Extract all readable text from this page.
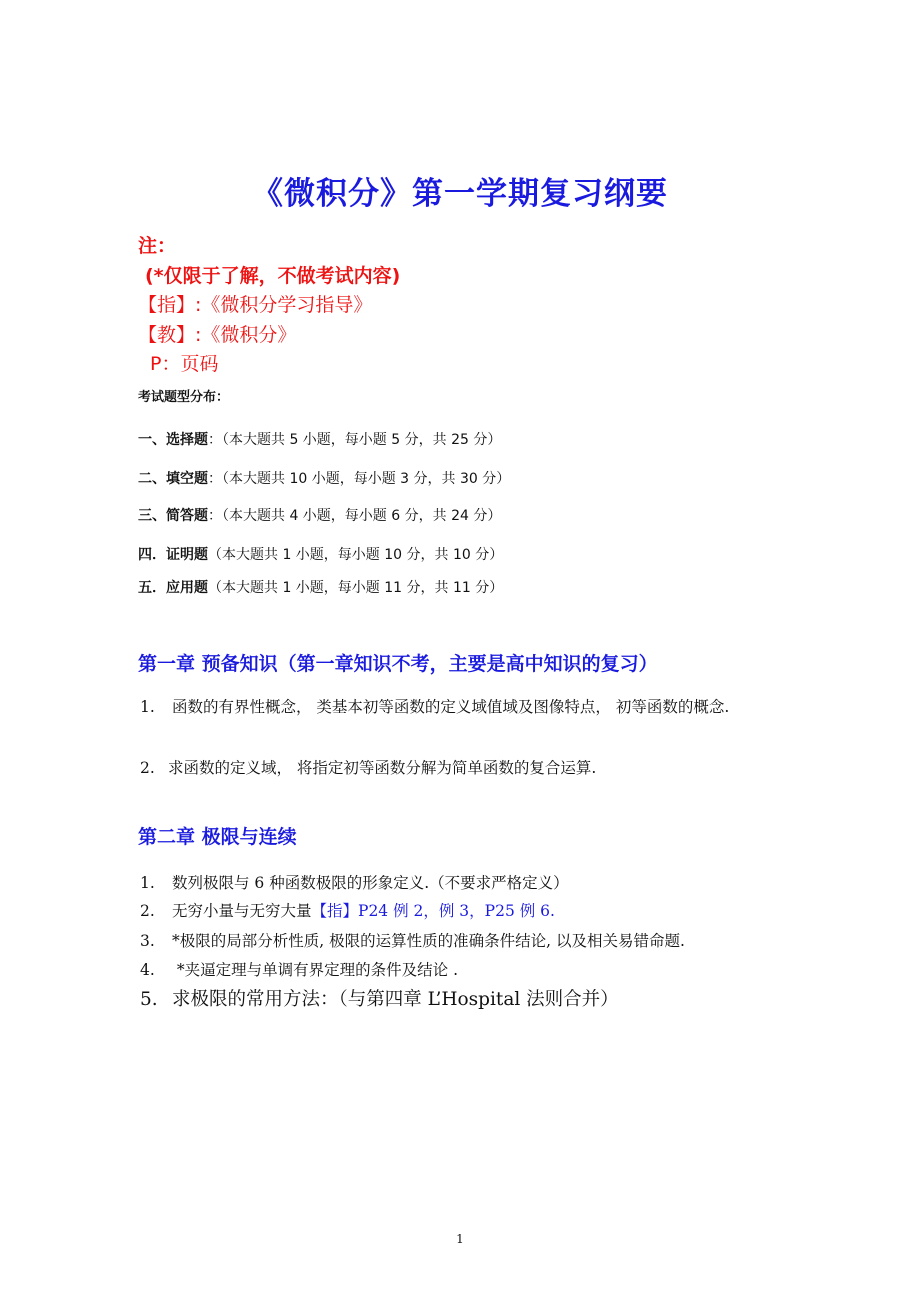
《微积分》第一学期复习纲要
注：
(*仅限于了解，不做考试内容)
【指】:《微积分学习指导》
【教】:《微积分》
P：页码
考试题型分布：
一、选择题：（本大题共 5 小题，每小题 5 分，共 25 分）
二、填空题：（本大题共 10 小题，每小题 3 分，共 30 分）
三、简答题：（本大题共 4 小题，每小题 6 分，共 24 分）
四．证明题（本大题共 1 小题，每小题 10 分，共 10 分）
五．应用题（本大题共 1 小题，每小题 11 分，共 11 分）
第一章 预备知识（第一章知识不考，主要是高中知识的复习）
1. 函数的有界性概念， 类基本初等函数的定义域值域及图像特点， 初等函数的概念.
2. 求函数的定义域， 将指定初等函数分解为简单函数的复合运算.
第二章 极限与连续
1. 数列极限与 6 种函数极限的形象定义.（不要求严格定义）
2. 无穷小量与无穷大量【指】P24 例 2，例 3，P25 例 6.
3. *极限的局部分析性质, 极限的运算性质的准确条件结论, 以及相关易错命题.
4. *夹逼定理与单调有界定理的条件及结论 .
5. 求极限的常用方法：（与第四章 L’Hospital 法则合并）
1
